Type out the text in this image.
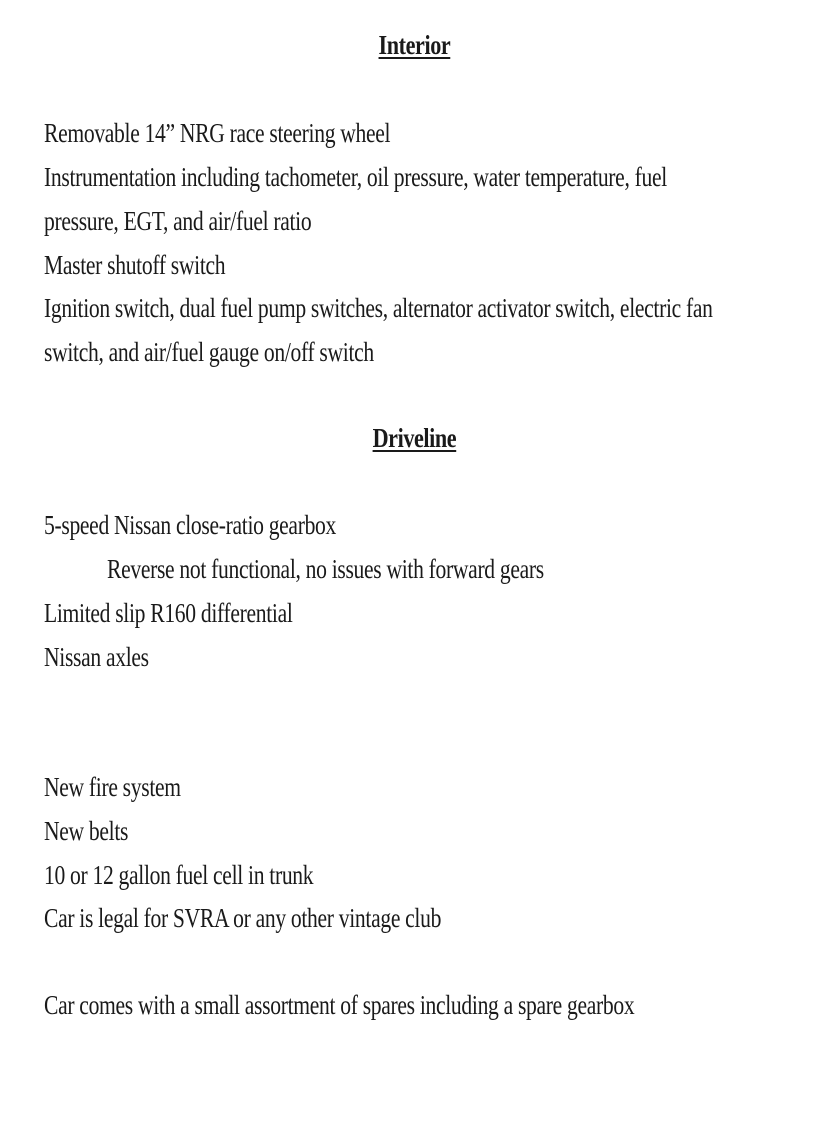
Interior
Removable 14” NRG race steering wheel
Instrumentation including tachometer, oil pressure, water temperature, fuel
pressure, EGT, and air/fuel ratio
Master shutoff switch
Ignition switch, dual fuel pump switches, alternator activator switch, electric fan
switch, and air/fuel gauge on/off switch
Driveline
5-speed Nissan close-ratio gearbox
Reverse not functional, no issues with forward gears
Limited slip R160 differential
Nissan axles
New fire system
New belts
10 or 12 gallon fuel cell in trunk
Car is legal for SVRA or any other vintage club
Car comes with a small assortment of spares including a spare gearbox
